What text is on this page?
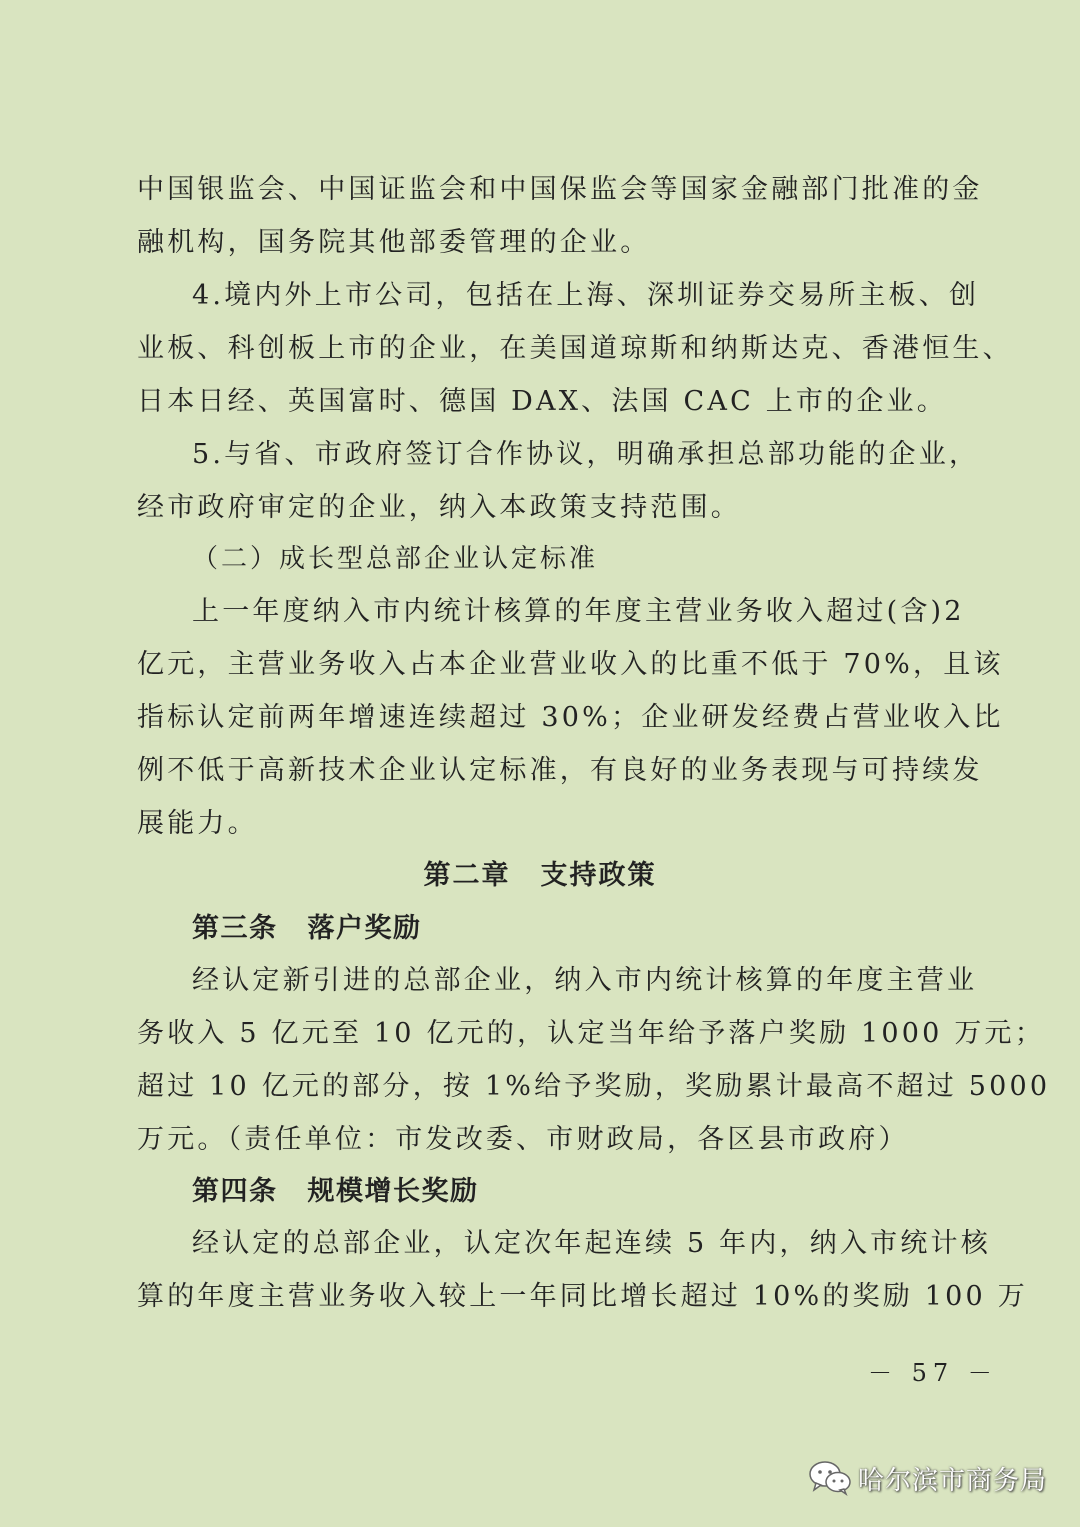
中国银监会、中国证监会和中国保监会等国家金融部门批准的金
融机构，国务院其他部委管理的企业。
4.境内外上市公司，包括在上海、深圳证券交易所主板、创
业板、科创板上市的企业，在美国道琼斯和纳斯达克、香港恒生、
日本日经、英国富时、德国 DAX、法国 CAC 上市的企业。
5.与省、市政府签订合作协议，明确承担总部功能的企业，
经市政府审定的企业，纳入本政策支持范围。
（二）成长型总部企业认定标准
上一年度纳入市内统计核算的年度主营业务收入超过(含)2
亿元，主营业务收入占本企业营业收入的比重不低于 70%，且该
指标认定前两年增速连续超过 30%；企业研发经费占营业收入比
例不低于高新技术企业认定标准，有良好的业务表现与可持续发
展能力。
第二章 支持政策
第三条 落户奖励
经认定新引进的总部企业，纳入市内统计核算的年度主营业
务收入 5 亿元至 10 亿元的，认定当年给予落户奖励 1000 万元；
超过 10 亿元的部分，按 1%给予奖励，奖励累计最高不超过 5000
万元。（责任单位：市发改委、市财政局，各区县市政府）
第四条 规模增长奖励
经认定的总部企业，认定次年起连续 5 年内，纳入市统计核
算的年度主营业务收入较上一年同比增长超过 10%的奖励 100 万
－ 57 －
哈尔滨市商务局
